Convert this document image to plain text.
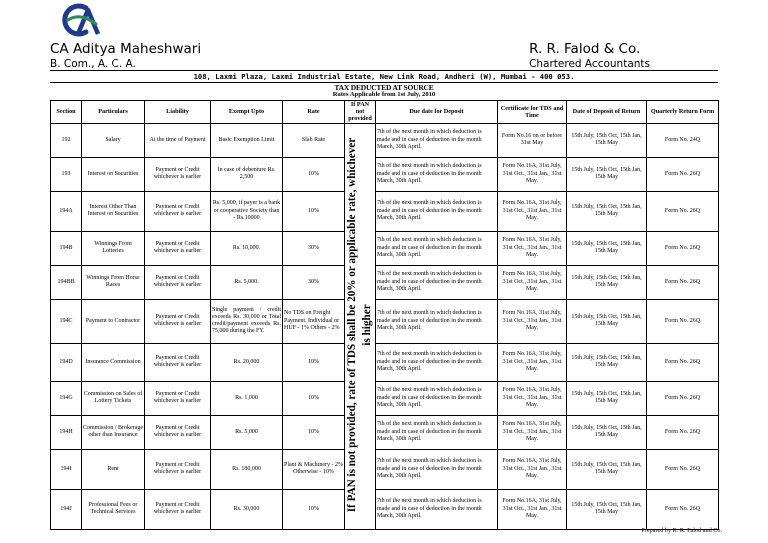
CA Aditya Maheshwari
B. Com., A. C. A.
R. R. Falod & Co.
Chartered Accountants
108, Laxmi Plaza, Laxmi Industrial Estate, New Link Road, Andheri (W), Mumbai - 400 053.
TAX DEDUCTED AT SOURCE
Rates Applicable from 1st July, 2010
Section	Particulars	Liability	Exempt Upto	Rate	If PAN not provided	Due date for Deposit	Certificate for TDS and Time	Date of Deposit of Return	Quarterly Return Form
192	Salary	At the time of Payment	Basic Exemption Limit	Slab Rate	If PAN is not provided, rate of TDS shall be 20% or applicable rate, whichever is higher	7th of the next month in which deduction is made and in case of deduction in the month March, 30th April.	Form No.16 on or before 31st May	15th July, 15th Oct, 15th Jan, 15th May	Form No. 24Q
193	Interest on Securities	Payment or Credit whichever is earlier	In case of debenture Rs. 2,500	10%		7th of the next month in which deduction is made and in case of deduction in the month March, 30th April.	Form No.16A, 31st July, 31st Oct., 31st Jan., 31st May.	15th July, 15th Oct, 15th Jan, 15th May	Form No. 26Q
194A	Interest Other Than Interest on Securities	Payment or Credit whichever is earlier	Rs. 5,000, if payer is a bank or cooperative Society than - Rs.10000	10%		7th of the next month in which deduction is made and in case of deduction in the month March, 30th April.	Form No.16A, 31st July, 31st Oct., 31st Jan., 31st May.	15th July, 15th Oct, 15th Jan, 15th May	Form No. 26Q
194B	Winnings From Lotteries	Payment or Credit whichever is earlier	Rs. 10,000.	30%		7th of the next month in which deduction is made and in case of deduction in the month March, 30th April.	Form No.16A, 31st July, 31st Oct., 31st Jan., 31st May.	15th July, 15th Oct, 15th Jan, 15th May	Form No. 26Q
194BB	Winnings From Horse Races	Payment or Credit whichever is earlier	Rs. 5,000.	30%		7th of the next month in which deduction is made and in case of deduction in the month March, 30th April.	Form No.16A, 31st July, 31st Oct., 31st Jan., 31st May.	15th July, 15th Oct, 15th Jan, 15th May	Form No. 26Q
194C	Payment to Contractor	Payment or Credit whichever is earlier	Single payment / credit exceeds Rs. 30,000 or Total credit/payment exceeds Rs. 75,000 during the FY.	No TDS on Freight Payment. Individual or HUF - 1% Others - 2%		7th of the next month in which deduction is made and in case of deduction in the month March, 30th April.	Form No.16A, 31st July, 31st Oct., 31st Jan., 31st May.	15th July, 15th Oct, 15th Jan, 15th May	Form No. 26Q
194D	Insurance Commission	Payment or Credit whichever is earlier	Rs. 20,000	10%		7th of the next month in which deduction is made and in case of deduction in the month March, 30th April.	Form No.16A, 31st July, 31st Oct., 31st Jan., 31st May.	15th July, 15th Oct, 15th Jan, 15th May	Form No. 26Q
194G	Commission on Sales of Lottery Tickets	Payment or Credit whichever is earlier	Rs. 1,000	10%		7th of the next month in which deduction is made and in case of deduction in the month March, 30th April.	Form No.16A, 31st July, 31st Oct., 31st Jan., 31st May.	15th July, 15th Oct, 15th Jan, 15th May	Form No. 26Q
194H	Commission / Brokerage other than Insurance	Payment or Credit whichever is earlier	Rs. 5,000	10%		7th of the next month in which deduction is made and in case of deduction in the month March, 30th April.	Form No.16A, 31st July, 31st Oct., 31st Jan., 31st May.	15th July, 15th Oct, 15th Jan, 15th May	Form No. 26Q
194I	Rent	Payment or Credit whichever is earlier	Rs. 180,000	Plant & Machinery - 2% Otherwise - 10%		7th of the next month in which deduction is made and in case of deduction in the month March, 30th April.	Form No.16A, 31st July, 31st Oct., 31st Jan., 31st May.	15th July, 15th Oct, 15th Jan, 15th May	Form No. 26Q
194J	Professional Fees or Technical Services	Payment or Credit whichever is earlier	Rs. 30,000	10%		7th of the next month in which deduction is made and in case of deduction in the month March, 30th April.	Form No.16A, 31st July, 31st Oct., 31st Jan., 31st May.	15th July, 15th Oct, 15th Jan, 15th May	Form No. 26Q
Prepared by R. R. Falod and Co.
